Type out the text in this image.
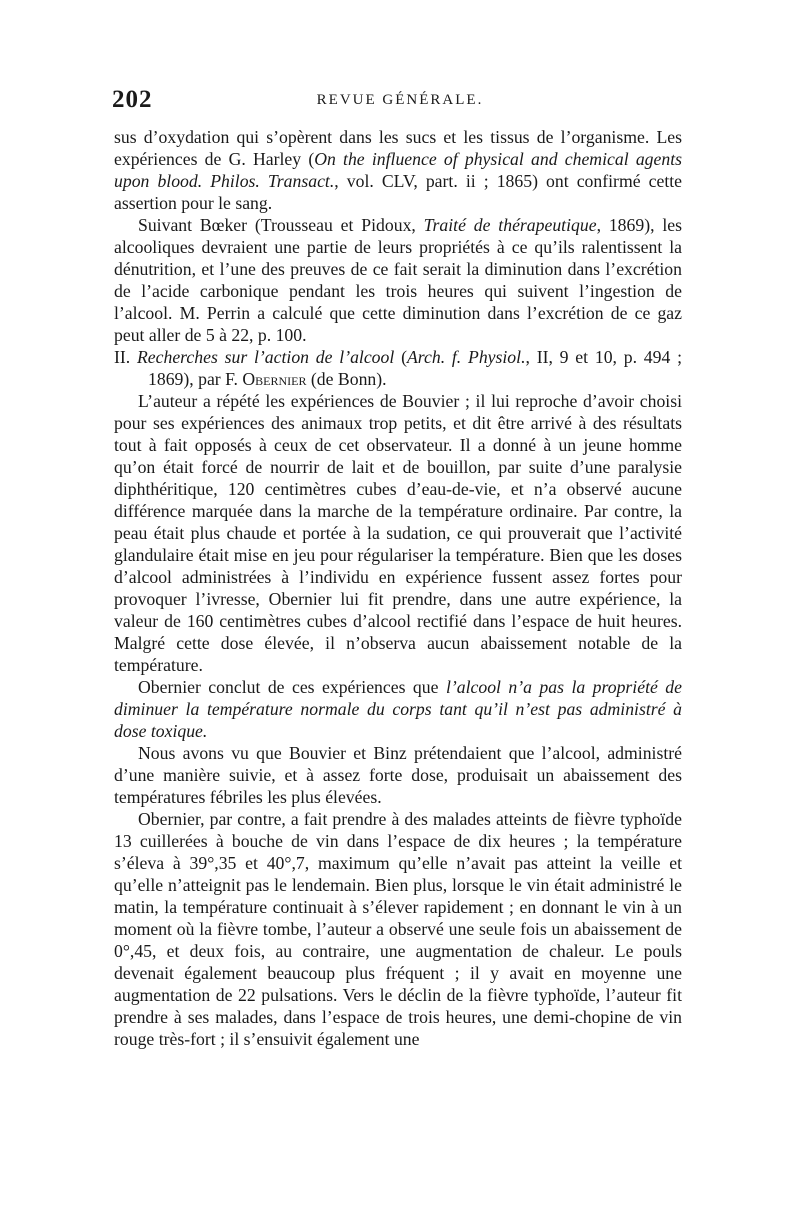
202	REVUE GÉNÉRALE.

sus d’oxydation qui s’opèrent dans les sucs et les tissus de l’organisme. Les expériences de G. Harley (On the influence of physical and chemical agents upon blood. Philos. Transact., vol. CLV, part. ii ; 1865) ont confirmé cette assertion pour le sang.

Suivant Bœker (Trousseau et Pidoux, Traité de thérapeutique, 1869), les alcooliques devraient une partie de leurs propriétés à ce qu’ils ralentissent la dénutrition, et l’une des preuves de ce fait serait la diminution dans l’excrétion de l’acide carbonique pendant les trois heures qui suivent l’ingestion de l’alcool. M. Perrin a calculé que cette diminution dans l’excrétion de ce gaz peut aller de 5 à 22, p. 100.

II. Recherches sur l’action de l’alcool (Arch. f. Physiol., II, 9 et 10, p. 494 ; 1869), par F. Obernier (de Bonn).

L’auteur a répété les expériences de Bouvier ; il lui reproche d’avoir choisi pour ses expériences des animaux trop petits, et dit être arrivé à des résultats tout à fait opposés à ceux de cet observateur. Il a donné à un jeune homme qu’on était forcé de nourrir de lait et de bouillon, par suite d’une paralysie diphthéritique, 120 centimètres cubes d’eau-de-vie, et n’a observé aucune différence marquée dans la marche de la température ordinaire. Par contre, la peau était plus chaude et portée à la sudation, ce qui prouverait que l’activité glandulaire était mise en jeu pour régulariser la température. Bien que les doses d’alcool administrées à l’individu en expérience fussent assez fortes pour provoquer l’ivresse, Obernier lui fit prendre, dans une autre expérience, la valeur de 160 centimètres cubes d’alcool rectifié dans l’espace de huit heures. Malgré cette dose élevée, il n’observa aucun abaissement notable de la température.

Obernier conclut de ces expériences que l’alcool n’a pas la propriété de diminuer la température normale du corps tant qu’il n’est pas administré à dose toxique.

Nous avons vu que Bouvier et Binz prétendaient que l’alcool, administré d’une manière suivie, et à assez forte dose, produisait un abaissement des températures fébriles les plus élevées.

Obernier, par contre, a fait prendre à des malades atteints de fièvre typhoïde 13 cuillerées à bouche de vin dans l’espace de dix heures ; la température s’éleva à 39°,35 et 40°,7, maximum qu’elle n’avait pas atteint la veille et qu’elle n’atteignit pas le lendemain. Bien plus, lorsque le vin était administré le matin, la température continuait à s’élever rapidement ; en donnant le vin à un moment où la fièvre tombe, l’auteur a observé une seule fois un abaissement de 0°,45, et deux fois, au contraire, une augmentation de chaleur. Le pouls devenait également beaucoup plus fréquent ; il y avait en moyenne une augmentation de 22 pulsations. Vers le déclin de la fièvre typhoïde, l’auteur fit prendre à ses malades, dans l’espace de trois heures, une demi-chopine de vin rouge très-fort ; il s’ensuivit également une
